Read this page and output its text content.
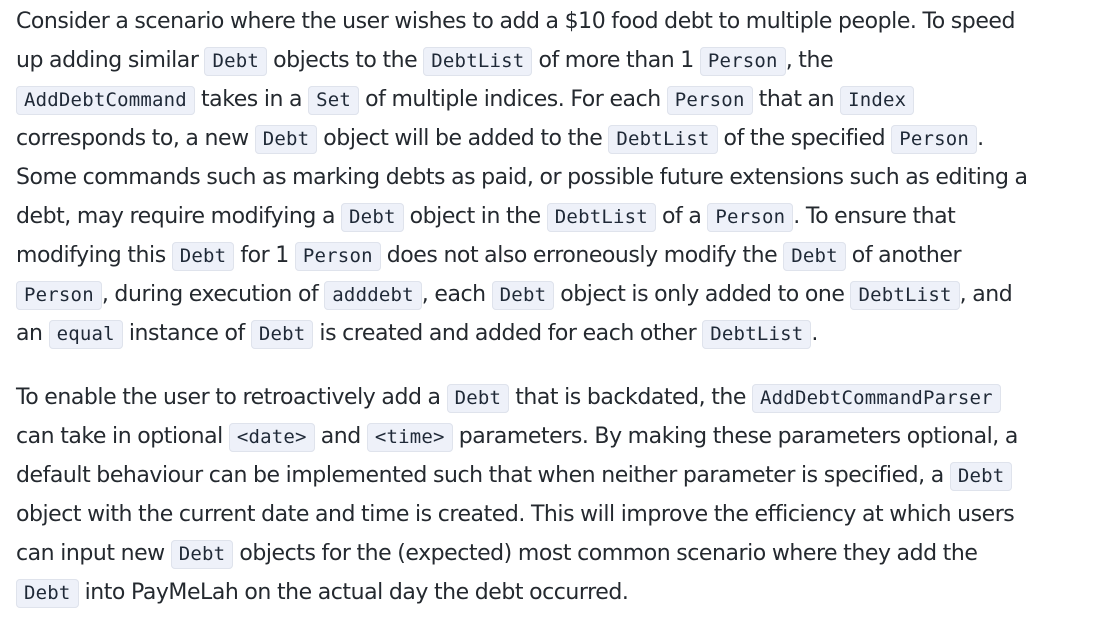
Consider a scenario where the user wishes to add a $10 food debt to multiple people. To speed
up adding similar Debt objects to the DebtList of more than 1 Person , the
AddDebtCommand takes in a Set of multiple indices. For each Person that an Index
corresponds to, a new Debt object will be added to the DebtList of the specified Person .
Some commands such as marking debts as paid, or possible future extensions such as editing a
debt, may require modifying a Debt object in the DebtList of a Person . To ensure that
modifying this Debt for 1 Person does not also erroneously modify the Debt of another
Person , during execution of adddebt , each Debt object is only added to one DebtList , and
an equal instance of Debt is created and added for each other DebtList .

To enable the user to retroactively add a Debt that is backdated, the AddDebtCommandParser
can take in optional <date> and <time> parameters. By making these parameters optional, a
default behaviour can be implemented such that when neither parameter is specified, a Debt
object with the current date and time is created. This will improve the efficiency at which users
can input new Debt objects for the (expected) most common scenario where they add the
Debt into PayMeLah on the actual day the debt occurred.
